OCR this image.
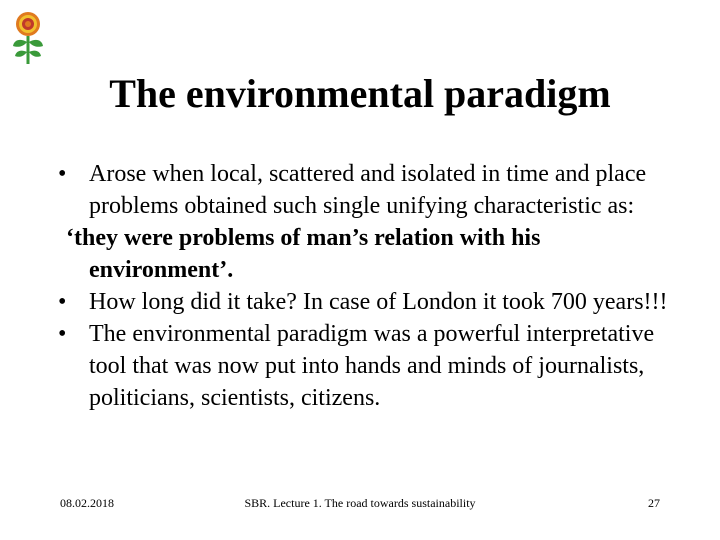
The environmental paradigm

• Arose when local, scattered and isolated in time and place problems obtained such single unifying characteristic as:

‘they were problems of man’s relation with his environment’.

• How long did it take? In case of London it took 700 years!!!

• The environmental paradigm was a powerful interpretative tool that was now put into hands and minds of journalists, politicians, scientists, citizens.

08.02.2018	SBR. Lecture 1. The road towards sustainability	27
